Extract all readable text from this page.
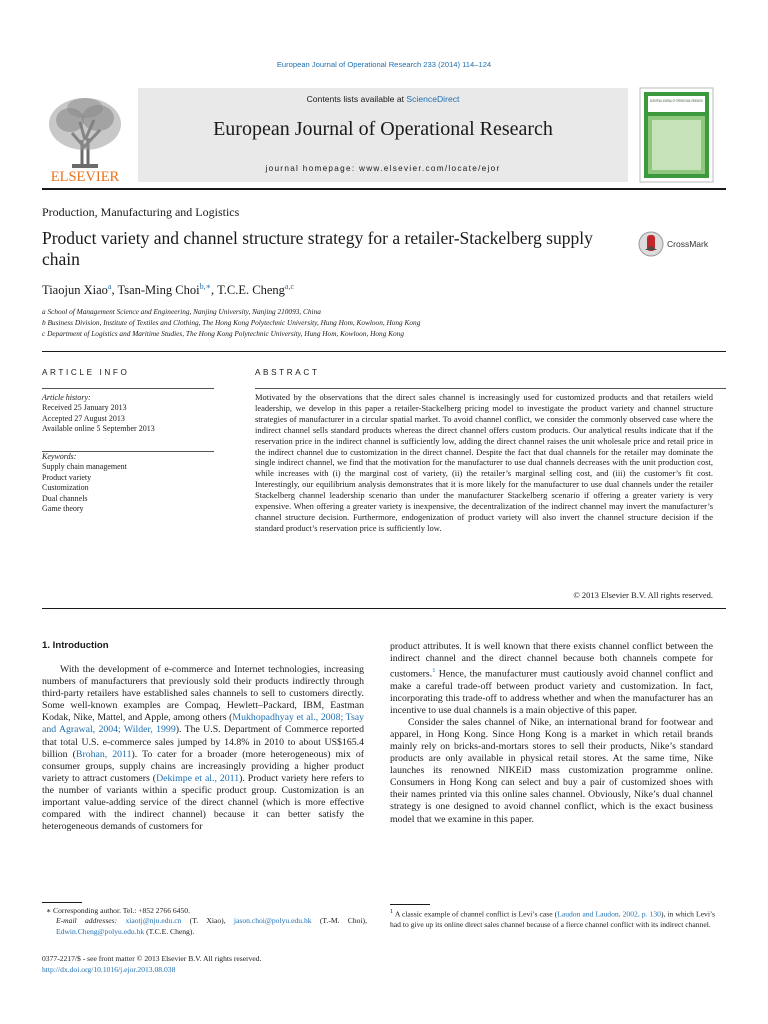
European Journal of Operational Research 233 (2014) 114–124
ELSEVIER
Contents lists available at ScienceDirect
European Journal of Operational Research
journal homepage: www.elsevier.com/locate/ejor
EUROPEAN JOURNAL OF OPERATIONAL RESEARCH
Production, Manufacturing and Logistics
Product variety and channel structure strategy for a retailer-Stackelberg supply chain
CrossMark
Tiaojun Xiao$^a$, Tsan-Ming Choi$^{b,∗}$, T.C.E. Cheng$^{a,c}$
a School of Management Science and Engineering, Nanjing University, Nanjing 210093, China
b Business Division, Institute of Textiles and Clothing, The Hong Kong Polytechnic University, Hung Hom, Kowloon, Hong Kong
c Department of Logistics and Maritime Studies, The Hong Kong Polytechnic University, Hung Hom, Kowloon, Hong Kong
ARTICLE INFO
Article history:
Received 25 January 2013
Accepted 27 August 2013
Available online 5 September 2013
Keywords:
Supply chain management
Product variety
Customization
Dual channels
Game theory
ABSTRACT
Motivated by the observations that the direct sales channel is increasingly used for customized products and that retailers wield leadership, we develop in this paper a retailer-Stackelberg pricing model to investigate the product variety and channel structure strategies of manufacturer in a circular spatial market. To avoid channel conflict, we consider the commonly observed case where the indirect channel sells standard products whereas the direct channel offers custom products. Our analytical results indicate that if the reservation price in the indirect channel is sufficiently low, adding the direct channel raises the unit wholesale price and retail price in the indirect channel due to customization in the direct channel. Despite the fact that dual channels for the retailer may dominate the single indirect channel, we find that the motivation for the manufacturer to use dual channels decreases with the unit production cost, while increases with (i) the marginal cost of variety, (ii) the retailer’s marginal selling cost, and (iii) the customer’s fit cost. Interestingly, our equilibrium analysis demonstrates that it is more likely for the manufacturer to use dual channels under the retailer Stackelberg channel leadership scenario than under the manufacturer Stackelberg scenario if offering a greater variety is very expensive. When offering a greater variety is inexpensive, the decentralization of the indirect channel may invert the manufacturer’s channel structure decision. Furthermore, endogenization of product variety will also invert the channel structure decision if the standard product’s reservation price is sufficiently low.
© 2013 Elsevier B.V. All rights reserved.
1. Introduction
With the development of e-commerce and Internet technologies, increasing numbers of manufacturers that previously sold their products indirectly through third-party retailers have established sales channels to sell to customers directly. Some well-known examples are Compaq, Hewlett–Packard, IBM, Eastman Kodak, Nike, Mattel, and Apple, among others (Mukhopadhyay et al., 2008; Tsay and Agrawal, 2004; Wilder, 1999). The U.S. Department of Commerce reported that total U.S. e-commerce sales jumped by 14.8% in 2010 to about US$165.4 billion (Brohan, 2011). To cater for a broader (more heterogeneous) mix of consumer groups, supply chains are increasingly providing a higher product variety to attract customers (Dekimpe et al., 2011). Product variety here refers to the number of variants within a specific product group. Customization is an important value-adding service of the direct channel (which is more effective compared with the indirect channel) because it can better satisfy the heterogeneous demands of customers for

product attributes. It is well known that there exists channel conflict between the indirect channel and the direct channel because both channels compete for customers.$^1$ Hence, the manufacturer must cautiously avoid channel conflict and make a careful trade-off between product variety and customization. In fact, incorporating this trade-off to address whether and when the manufacturer has an incentive to use dual channels is a main objective of this paper.

Consider the sales channel of Nike, an international brand for footwear and apparel, in Hong Kong. Since Hong Kong is a market in which retail brands mainly rely on bricks-and-mortars stores to sell their products, Nike’s standard products are only available in physical retail stores. At the same time, Nike launches its renowned NIKEiD mass customization programme online. Consumers in Hong Kong can select and buy a pair of customized shoes with their names printed via this online sales channel. Obviously, Nike’s dual channel strategy is one designed to avoid channel conflict, which is the exact business model that we examine in this paper.

∗ Corresponding author. Tel.: +852 2766 6450.
E-mail addresses: xiaotj@nju.edu.cn (T. Xiao), jason.choi@polyu.edu.hk (T.-M. Choi), Edwin.Cheng@polyu.edu.hk (T.C.E. Cheng).
$^1$ A classic example of channel conflict is Levi’s case (Laudon and Laudon, 2002, p. 130), in which Levi’s had to give up its online direct sales channel because of a fierce channel conflict with its indirect channel.
0377-2217/$ - see front matter © 2013 Elsevier B.V. All rights reserved.
http://dx.doi.org/10.1016/j.ejor.2013.08.038
